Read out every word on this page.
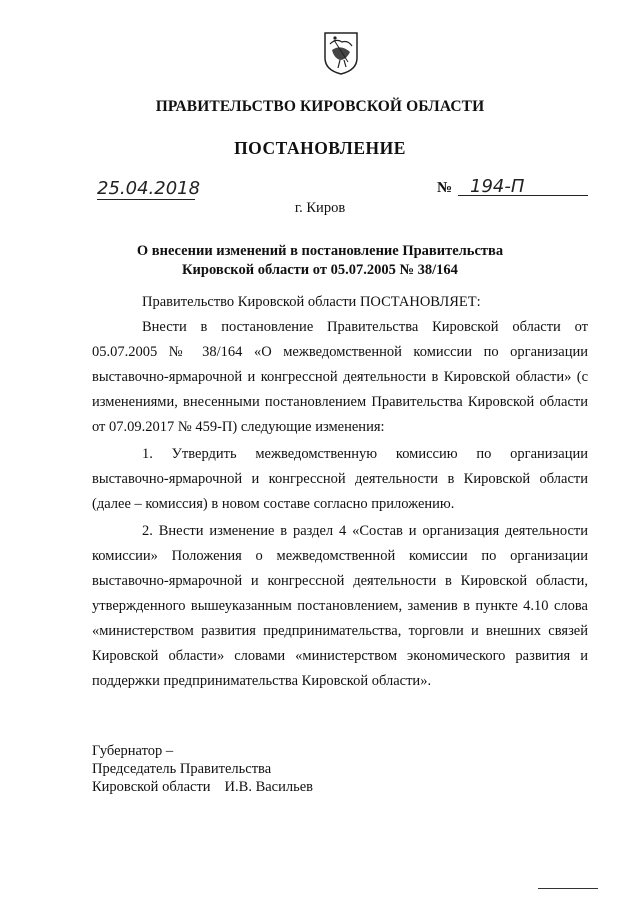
ПРАВИТЕЛЬСТВО КИРОВСКОЙ ОБЛАСТИ
ПОСТАНОВЛЕНИЕ
25.04.2018	№ 194-П
г. Киров
О внесении изменений в постановление Правительства
Кировской области от 05.07.2005 № 38/164

Правительство Кировской области ПОСТАНОВЛЯЕТ:

Внести в постановление Правительства Кировской области от 05.07.2005 № 38/164 «О межведомственной комиссии по организации выставочно-ярмарочной и конгрессной деятельности в Кировской области» (с изменениями, внесенными постановлением Правительства Кировской области от 07.09.2017 № 459-П) следующие изменения:

1. Утвердить межведомственную комиссию по организации выставочно-ярмарочной и конгрессной деятельности в Кировской области (далее – комиссия) в новом составе согласно приложению.

2. Внести изменение в раздел 4 «Состав и организация деятельности комиссии» Положения о межведомственной комиссии по организации выставочно-ярмарочной и конгрессной деятельности в Кировской области, утвержденного вышеуказанным постановлением, заменив в пункте 4.10 слова «министерством развития предпринимательства, торговли и внешних связей Кировской области» словами «министерством экономического развития и поддержки предпринимательства Кировской области».

Губернатор –
Председатель Правительства
Кировской области И.В. Васильев
